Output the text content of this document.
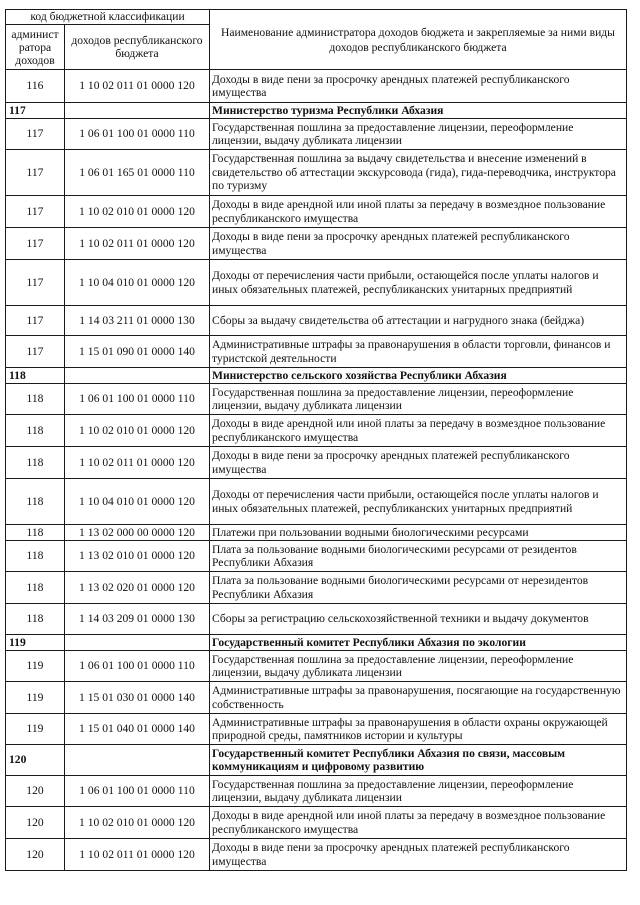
код бюджетной классификации		Наименование администратора доходов бюджета и закрепляемые за ними виды доходов республиканского бюджета
админист ратора доходов	доходов республиканского бюджета	
116	1 10 02 011 01 0000 120	Доходы в виде пени за просрочку арендных платежей республиканского имущества
117		Министерство туризма Республики Абхазия
117	1 06 01 100 01 0000 110	Государственная пошлина за предоставление лицензии, переоформление лицензии, выдачу дубликата лицензии
117	1 06 01 165 01 0000 110	Государственная пошлина за выдачу свидетельства и внесение изменений в свидетельство об аттестации экскурсовода (гида), гида-переводчика, инструктора по туризму
117	1 10 02 010 01 0000 120	Доходы в виде арендной или иной платы за передачу в возмездное пользование республиканского имущества
117	1 10 02 011 01 0000 120	Доходы в виде пени за просрочку арендных платежей республиканского имущества
117	1 10 04 010 01 0000 120	Доходы от перечисления части прибыли, остающейся после уплаты налогов и иных обязательных платежей, республиканских унитарных предприятий
117	1 14 03 211 01 0000 130	Сборы за выдачу свидетельства об аттестации и нагрудного знака (бейджа)
117	1 15 01 090 01 0000 140	Административные штрафы за правонарушения в области торговли, финансов и туристской деятельности
118		Министерство сельского хозяйства Республики Абхазия
118	1 06 01 100 01 0000 110	Государственная пошлина за предоставление лицензии, переоформление лицензии, выдачу дубликата лицензии
118	1 10 02 010 01 0000 120	Доходы в виде арендной или иной платы за передачу в возмездное пользование республиканского имущества
118	1 10 02 011 01 0000 120	Доходы в виде пени за просрочку арендных платежей республиканского имущества
118	1 10 04 010 01 0000 120	Доходы от перечисления части прибыли, остающейся после уплаты налогов и иных обязательных платежей, республиканских унитарных предприятий
118	1 13 02 000 00 0000 120	Платежи при пользовании водными биологическими ресурсами
118	1 13 02 010 01 0000 120	Плата за пользование водными биологическими ресурсами от резидентов Республики Абхазия
118	1 13 02 020 01 0000 120	Плата за пользование водными биологическими ресурсами от нерезидентов Республики Абхазия
118	1 14 03 209 01 0000 130	Сборы за регистрацию сельскохозяйственной техники и выдачу документов
119		Государственный комитет Республики Абхазия по экологии
119	1 06 01 100 01 0000 110	Государственная пошлина за предоставление лицензии, переоформление лицензии, выдачу дубликата лицензии
119	1 15 01 030 01 0000 140	Административные штрафы за правонарушения, посягающие на государственную собственность
119	1 15 01 040 01 0000 140	Административные штрафы за правонарушения в области охраны окружающей природной среды, памятников истории и культуры
120		Государственный комитет Республики Абхазия по связи, массовым коммуникациям и цифровому развитию
120	1 06 01 100 01 0000 110	Государственная пошлина за предоставление лицензии, переоформление лицензии, выдачу дубликата лицензии
120	1 10 02 010 01 0000 120	Доходы в виде арендной или иной платы за передачу в возмездное пользование республиканского имущества
120	1 10 02 011 01 0000 120	Доходы в виде пени за просрочку арендных платежей республиканского имущества
